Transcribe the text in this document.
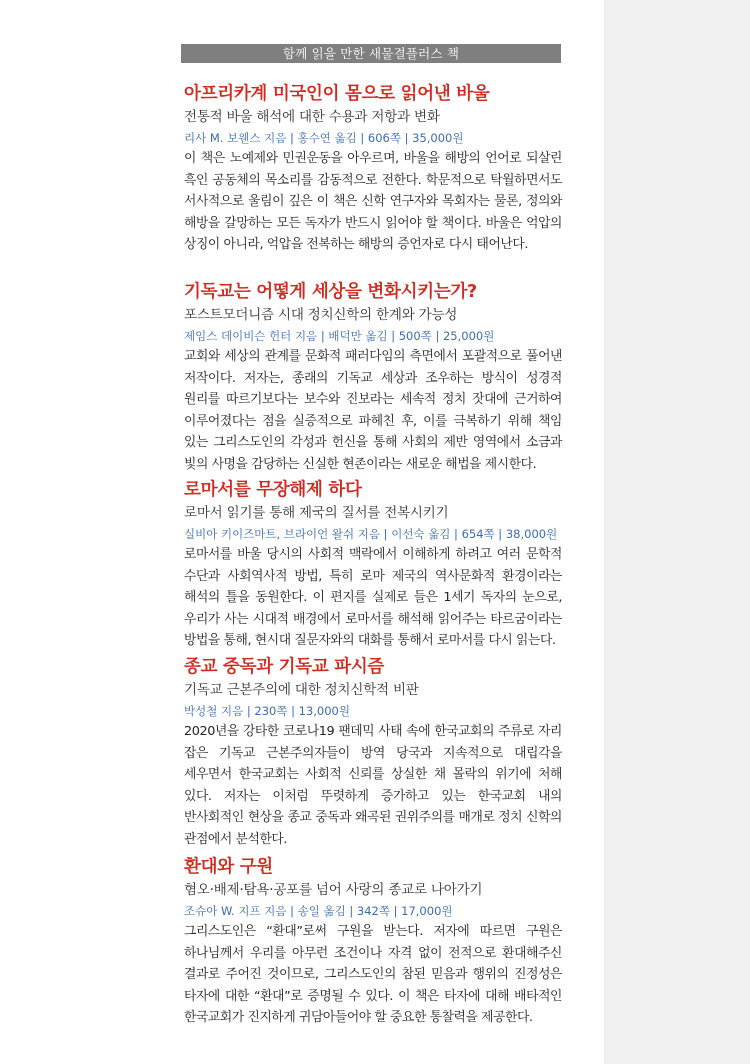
함께 읽을 만한 새물결플러스 책
아프리카계 미국인이 몸으로 읽어낸 바울
전통적 바울 해석에 대한 수용과 저항과 변화
리사 M. 보웬스 지음 | 홍수연 옮김 | 606쪽 | 35,000원
이 책은 노예제와 민권운동을 아우르며, 바울을 해방의 언어로 되살린 흑인 공동체의 목소리를 감동적으로 전한다. 학문적으로 탁월하면서도 서사적으로 울림이 깊은 이 책은 신학 연구자와 목회자는 물론, 정의와 해방을 갈망하는 모든 독자가 반드시 읽어야 할 책이다. 바울은 억압의 상징이 아니라, 억압을 전복하는 해방의 증언자로 다시 태어난다.
기독교는 어떻게 세상을 변화시키는가?
포스트모더니즘 시대 정치신학의 한계와 가능성
제임스 데이비슨 헌터 지음 | 배덕만 옮김 | 500쪽 | 25,000원
교회와 세상의 관계를 문화적 패러다임의 측면에서 포괄적으로 풀어낸 저작이다. 저자는, 종래의 기독교 세상과 조우하는 방식이 성경적 원리를 따르기보다는 보수와 진보라는 세속적 정치 잣대에 근거하여 이루어졌다는 점을 실증적으로 파헤친 후, 이를 극복하기 위해 책임 있는 그리스도인의 각성과 헌신을 통해 사회의 제반 영역에서 소금과 빛의 사명을 감당하는 신실한 현존이라는 새로운 해법을 제시한다.
로마서를 무장해제 하다
로마서 읽기를 통해 제국의 질서를 전복시키기
실비아 키이즈마트, 브라이언 왈쉬 지음 | 이선숙 옮김 | 654쪽 | 38,000원
로마서를 바울 당시의 사회적 맥락에서 이해하게 하려고 여러 문학적 수단과 사회역사적 방법, 특히 로마 제국의 역사문화적 환경이라는 해석의 틀을 동원한다. 이 편지를 실제로 들은 1세기 독자의 눈으로, 우리가 사는 시대적 배경에서 로마서를 해석해 읽어주는 타르굼이라는 방법을 통해, 현시대 질문자와의 대화를 통해서 로마서를 다시 읽는다.
종교 중독과 기독교 파시즘
기독교 근본주의에 대한 정치신학적 비판
박성철 지음 | 230쪽 | 13,000원
2020년을 강타한 코로나19 팬데믹 사태 속에 한국교회의 주류로 자리 잡은 기독교 근본주의자들이 방역 당국과 지속적으로 대립각을 세우면서 한국교회는 사회적 신뢰를 상실한 채 몰락의 위기에 처해 있다. 저자는 이처럼 뚜렷하게 증가하고 있는 한국교회 내의 반사회적인 현상을 종교 중독과 왜곡된 권위주의를 매개로 정치 신학의 관점에서 분석한다.
환대와 구원
혐오·배제·탐욕·공포를 넘어 사랑의 종교로 나아가기
조슈아 W. 지프 지음 | 송일 옮김 | 342쪽 | 17,000원
그리스도인은 “환대”로써 구원을 받는다. 저자에 따르면 구원은 하나님께서 우리를 아무런 조건이나 자격 없이 전적으로 환대해주신 결과로 주어진 것이므로, 그리스도인의 참된 믿음과 행위의 진정성은 타자에 대한 “환대”로 증명될 수 있다. 이 책은 타자에 대해 배타적인 한국교회가 진지하게 귀담아들어야 할 중요한 통찰력을 제공한다.
